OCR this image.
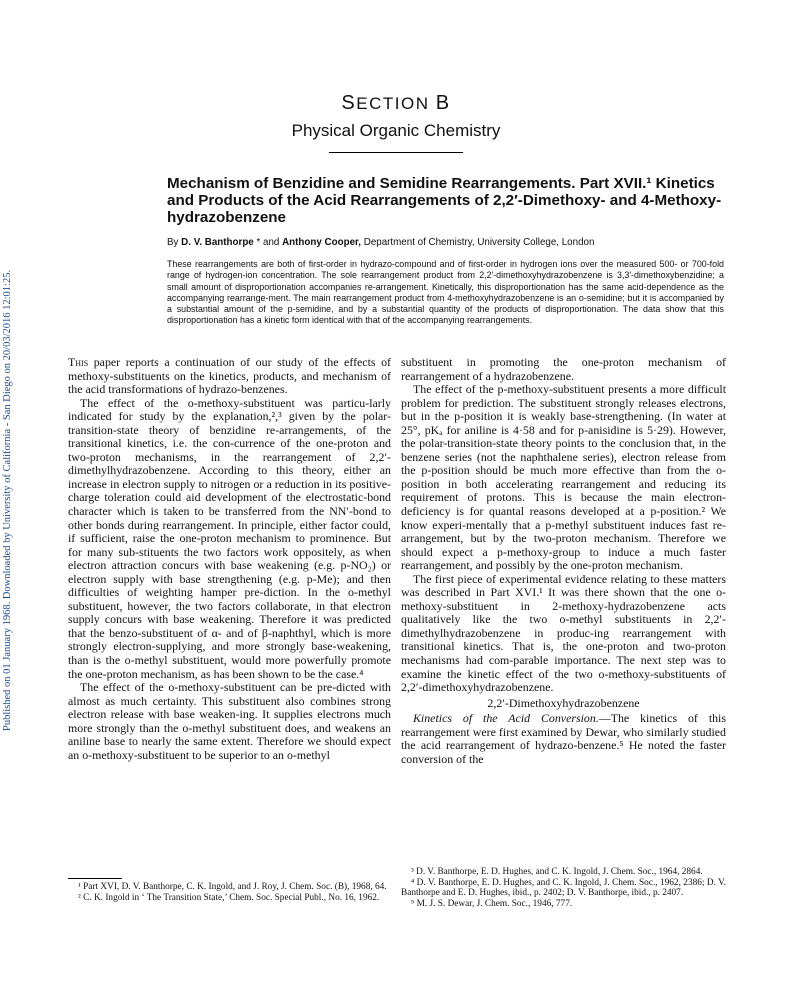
Published on 01 January 1968. Downloaded by University of California - San Diego on 20/03/2016 12:01:25.
SECTION B
Physical Organic Chemistry
Mechanism of Benzidine and Semidine Rearrangements. Part XVII.¹ Kinetics and Products of the Acid Rearrangements of 2,2′-Dimethoxy- and 4-Methoxy-hydrazobenzene
By D. V. Banthorpe * and Anthony Cooper, Department of Chemistry, University College, London
These rearrangements are both of first-order in hydrazo-compound and of first-order in hydrogen ions over the measured 500- or 700-fold range of hydrogen-ion concentration. The sole rearrangement product from 2,2′-dimethoxyhydrazobenzene is 3,3′-dimethoxybenzidine; a small amount of disproportionation accompanies re-arrangement. Kinetically, this disproportionation has the same acid-dependence as the accompanying rearrange-ment. The main rearrangement product from 4-methoxyhydrazobenzene is an o-semidine; but it is accompanied by a substantial amount of the p-semidine, and by a substantial quantity of the products of disproportionation. The data show that this disproportionation has a kinetic form identical with that of the accompanying rearrangements.

This paper reports a continuation of our study of the effects of methoxy-substituents on the kinetics, products, and mechanism of the acid transformations of hydrazo-benzenes.

The effect of the o-methoxy-substituent was particu-larly indicated for study by the explanation,²,³ given by the polar-transition-state theory of benzidine re-arrangements, of the transitional kinetics, i.e. the con-currence of the one-proton and two-proton mechanisms, in the rearrangement of 2,2′-dimethylhydrazobenzene. According to this theory, either an increase in electron supply to nitrogen or a reduction in its positive-charge toleration could aid development of the electrostatic-bond character which is taken to be transferred from the NN′-bond to other bonds during rearrangement. In principle, either factor could, if sufficient, raise the one-proton mechanism to prominence. But for many sub-stituents the two factors work oppositely, as when electron attraction concurs with base weakening (e.g. p-NO₂) or electron supply with base strengthening (e.g. p-Me); and then difficulties of weighting hamper pre-diction. In the o-methyl substituent, however, the two factors collaborate, in that electron supply concurs with base weakening. Therefore it was predicted that the benzo-substituent of α- and of β-naphthyl, which is more strongly electron-supplying, and more strongly base-weakening, than is the o-methyl substituent, would more powerfully promote the one-proton mechanism, as has been shown to be the case.⁴

The effect of the o-methoxy-substituent can be pre-dicted with almost as much certainty. This substituent also combines strong electron release with base weaken-ing. It supplies electrons much more strongly than the o-methyl substituent does, and weakens an aniline base to nearly the same extent. Therefore we should expect an o-methoxy-substituent to be superior to an o-methyl

substituent in promoting the one-proton mechanism of rearrangement of a hydrazobenzene.

The effect of the p-methoxy-substituent presents a more difficult problem for prediction. The substituent strongly releases electrons, but in the p-position it is weakly base-strengthening. (In water at 25°, pKₐ for aniline is 4·58 and for p-anisidine is 5·29). However, the polar-transition-state theory points to the conclusion that, in the benzene series (not the naphthalene series), electron release from the p-position should be much more effective than from the o-position in both accelerating rearrangement and reducing its requirement of protons. This is because the main electron-deficiency is for quantal reasons developed at a p-position.² We know experi-mentally that a p-methyl substituent induces fast re-arrangement, but by the two-proton mechanism. Therefore we should expect a p-methoxy-group to induce a much faster rearrangement, and possibly by the one-proton mechanism.

The first piece of experimental evidence relating to these matters was described in Part XVI.¹ It was there shown that the one o-methoxy-substituent in 2-methoxy-hydrazobenzene acts qualitatively like the two o-methyl substituents in 2,2′-dimethylhydrazobenzene in produc-ing rearrangement with transitional kinetics. That is, the one-proton and two-proton mechanisms had com-parable importance. The next step was to examine the kinetic effect of the two o-methoxy-substituents of 2,2′-dimethoxyhydrazobenzene.

2,2′-Dimethoxyhydrazobenzene

Kinetics of the Acid Conversion.—The kinetics of this rearrangement were first examined by Dewar, who similarly studied the acid rearrangement of hydrazo-benzene.⁵ He noted the faster conversion of the

¹ Part XVI, D. V. Banthorpe, C. K. Ingold, and J. Roy, J. Chem. Soc. (B), 1968, 64.

² C. K. Ingold in ‘ The Transition State,’ Chem. Soc. Special Publ., No. 16, 1962.

³ D. V. Banthorpe, E. D. Hughes, and C. K. Ingold, J. Chem. Soc., 1964, 2864.

⁴ D. V. Banthorpe, E. D. Hughes, and C. K. Ingold, J. Chem. Soc., 1962, 2386; D. V. Banthorpe and E. D. Hughes, ibid., p. 2402; D. V. Banthorpe, ibid., p. 2407.

⁵ M. J. S. Dewar, J. Chem. Soc., 1946, 777.
